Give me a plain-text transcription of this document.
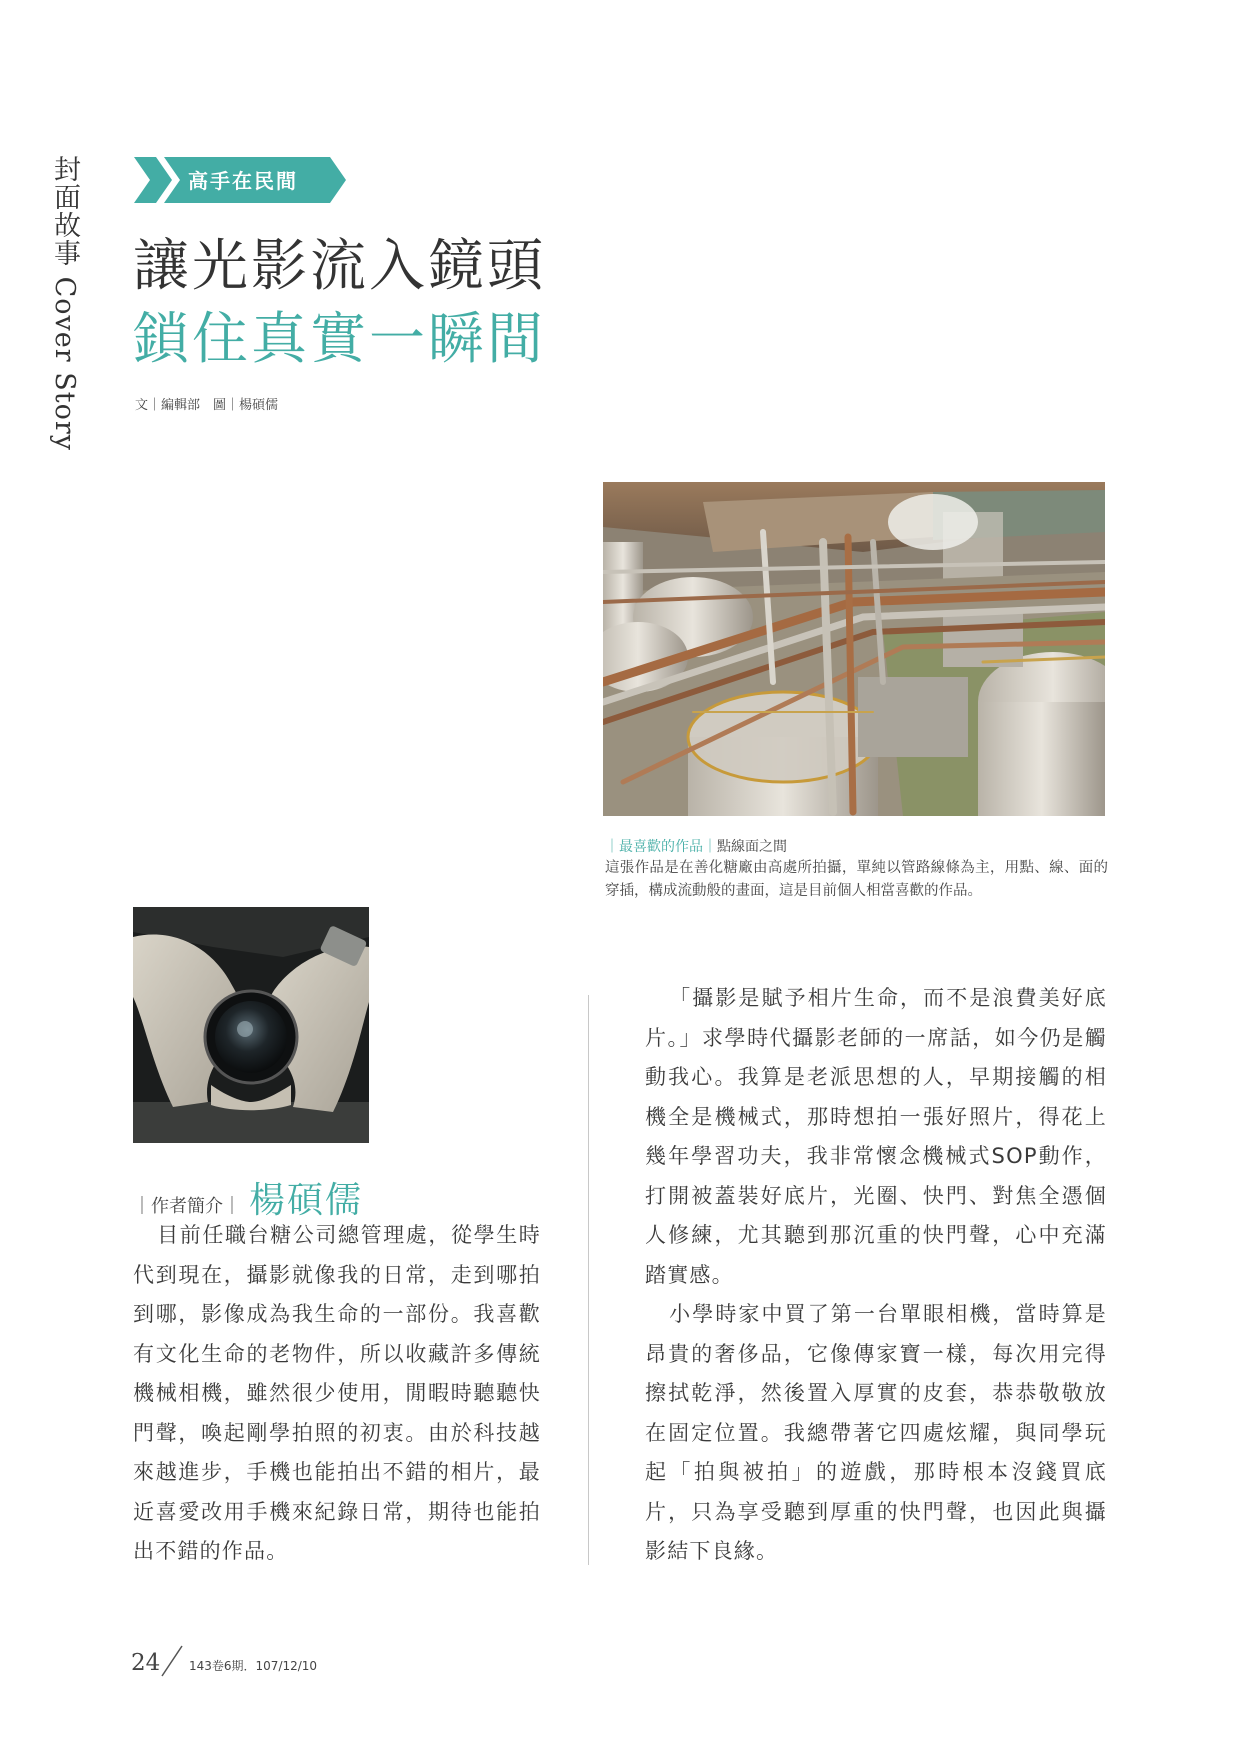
封面故事 Cover Story	高手在民間
讓光影流入鏡頭
鎖住真實一瞬間
文｜編輯部　圖｜楊碩儒
｜最喜歡的作品｜點線面之間
這張作品是在善化糖廠由高處所拍攝，單純以管路線條為主，用點、線、面的穿插，構成流動般的畫面，這是目前個人相當喜歡的作品。
｜作者簡介｜ 楊碩儒

目前任職台糖公司總管理處，從學生時代到現在，攝影就像我的日常，走到哪拍到哪，影像成為我生命的一部份。我喜歡有文化生命的老物件，所以收藏許多傳統機械相機，雖然很少使用，閒暇時聽聽快門聲，喚起剛學拍照的初衷。由於科技越來越進步，手機也能拍出不錯的相片，最近喜愛改用手機來紀錄日常，期待也能拍出不錯的作品。

「攝影是賦予相片生命，而不是浪費美好底片。」求學時代攝影老師的一席話，如今仍是觸動我心。我算是老派思想的人，早期接觸的相機全是機械式，那時想拍一張好照片，得花上幾年學習功夫，我非常懷念機械式SOP動作，打開被蓋裝好底片，光圈、快門、對焦全憑個人修練，尤其聽到那沉重的快門聲，心中充滿踏實感。

小學時家中買了第一台單眼相機，當時算是昂貴的奢侈品，它像傳家寶一樣，每次用完得擦拭乾淨，然後置入厚實的皮套，恭恭敬敬放在固定位置。我總帶著它四處炫耀，與同學玩起「拍與被拍」的遊戲，那時根本沒錢買底片，只為享受聽到厚重的快門聲，也因此與攝影結下良緣。

24 143卷6期．107/12/10
